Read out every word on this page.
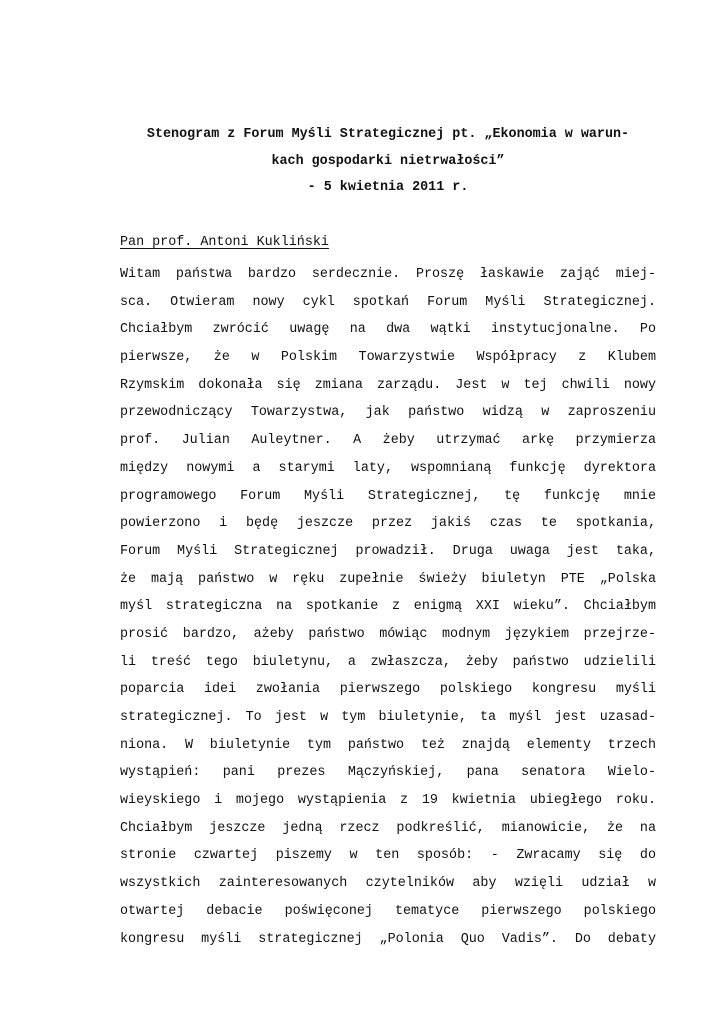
Stenogram z Forum Myśli Strategicznej pt. „Ekonomia w warun-
kach gospodarki nietrwałości”
- 5 kwietnia 2011 r.
Pan prof. Antoni Kukliński
Witam państwa bardzo serdecznie. Proszę łaskawie zająć miej-
sca. Otwieram nowy cykl spotkań Forum Myśli Strategicznej.
Chciałbym zwrócić uwagę na dwa wątki instytucjonalne. Po
pierwsze, że w Polskim Towarzystwie Współpracy z Klubem
Rzymskim dokonała się zmiana zarządu. Jest w tej chwili nowy
przewodniczący Towarzystwa, jak państwo widzą w zaproszeniu
prof. Julian Auleytner. A żeby utrzymać arkę przymierza
między nowymi a starymi laty, wspomnianą funkcję dyrektora
programowego Forum Myśli Strategicznej, tę funkcję mnie
powierzono i będę jeszcze przez jakiś czas te spotkania,
Forum Myśli Strategicznej prowadził. Druga uwaga jest taka,
że mają państwo w ręku zupełnie świeży biuletyn PTE „Polska
myśl strategiczna na spotkanie z enigmą XXI wieku”. Chciałbym
prosić bardzo, ażeby państwo mówiąc modnym językiem przejrze-
li treść tego biuletynu, a zwłaszcza, żeby państwo udzielili
poparcia idei zwołania pierwszego polskiego kongresu myśli
strategicznej. To jest w tym biuletynie, ta myśl jest uzasad-
niona. W biuletynie tym państwo też znajdą elementy trzech
wystąpień: pani prezes Mączyńskiej, pana senatora Wielo-
wieyskiego i mojego wystąpienia z 19 kwietnia ubiegłego roku.
Chciałbym jeszcze jedną rzecz podkreślić, mianowicie, że na
stronie czwartej piszemy w ten sposób: - Zwracamy się do
wszystkich zainteresowanych czytelników aby wzięli udział w
otwartej debacie poświęconej tematyce pierwszego polskiego
kongresu myśli strategicznej „Polonia Quo Vadis”. Do debaty
